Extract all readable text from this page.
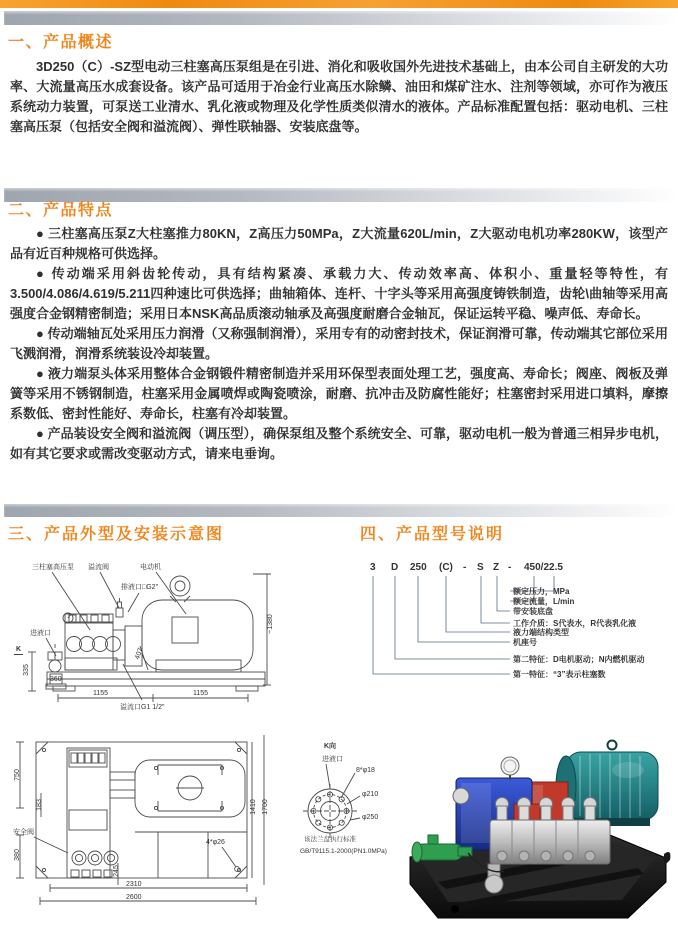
一、产品概述

3D250（C）-SZ型电动三柱塞高压泵组是在引进、消化和吸收国外先进技术基础上，由本公司自主研发的大功率、大流量高压水成套设备。该产品可适用于冶金行业高压水除鳞、油田和煤矿注水、注剂等领域，亦可作为液压系统动力装置，可泵送工业清水、乳化液或物理及化学性质类似清水的液体。产品标准配置包括：驱动电机、三柱塞高压泵（包括安全阀和溢流阀）、弹性联轴器、安装底盘等。

二、产品特点

● 三柱塞高压泵Z大柱塞推力80KN，Z高压力50MPa，Z大流量620L/min，Z大驱动电机功率280KW，该型产品有近百种规格可供选择。

● 传动端采用斜齿轮传动，具有结构紧凑、承载力大、传动效率高、体积小、重量轻等特性，有3.500/4.086/4.619/5.211四种速比可供选择；曲轴箱体、连杆、十字头等采用高强度铸铁制造，齿轮\曲轴等采用高强度合金钢精密制造；采用日本NSK高品质滚动轴承及高强度耐磨合金轴瓦，保证运转平稳、噪声低、寿命长。

● 传动端轴瓦处采用压力润滑（又称强制润滑），采用专有的动密封技术，保证润滑可靠，传动端其它部位采用飞溅润滑，润滑系统装设冷却装置。

● 液力端泵头体采用整体合金钢锻件精密制造并采用环保型表面处理工艺，强度高、寿命长；阀座、阀板及弹簧等采用不锈钢制造，柱塞采用金属喷焊或陶瓷喷涂，耐磨、抗冲击及防腐性能好；柱塞密封采用进口填料，摩擦系数低、密封性能好、寿命长，柱塞有冷却装置。

● 产品装设安全阀和溢流阀（调压型），确保泵组及整个系统安全、可靠，驱动电机一般为普通三相异步电机，如有其它要求或需改变驱动方式，请来电垂询。

三、产品外型及安装示意图	四、产品型号说明
三柱塞高压泵 溢流阀	电动机
排液口□G2"
进液口
K
335
360
1155	1155
~1380
407
溢流口G1 1/2"
3 D 250 (C) - S Z - 450/22.5
额定压力，MPa
额定流量，L/min
带安装底盘
工作介质：S代表水，R代表乳化液
液力端结构类型
机座号
第二特征：D电机驱动；N内燃机驱动
第一特征：“3”表示柱塞数
安全阀
750
183
380
245
2310
2600
1410 1700
4*φ26
K向
进液口
8*φ18
φ210
φ250
该法兰盘执行标准
GB/T9115.1-2000(PN1.0MPa)
